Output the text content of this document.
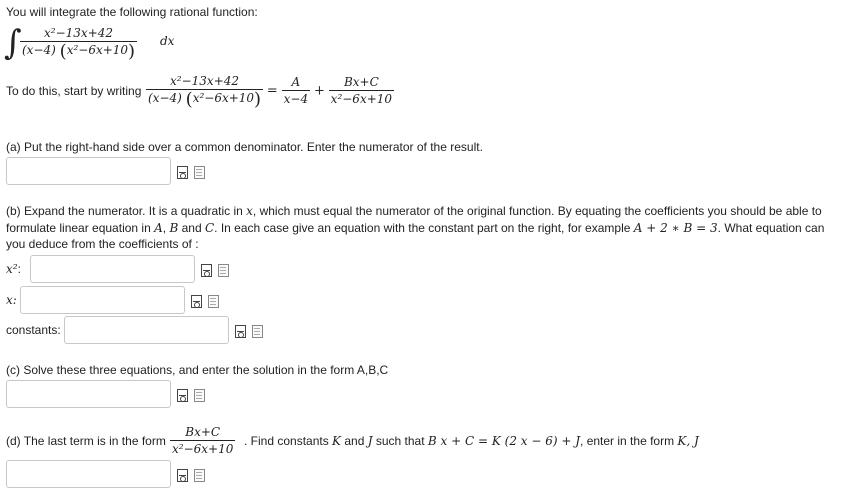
You will integrate the following rational function:
∫
$\frac{\text{x²−13x+42}}{\text{(x−4) (x²−6x+10)}}$ dx
To do this, start by writing $\frac{\text{x²−13x+42}}{\text{(x−4) (x²−6x+10)}} = \frac{A}{x-4} + \frac{Bx+C}{\text{x²−6x+10}}$
(a) Put the right-hand side over a common denominator. Enter the numerator of the result.
(b) Expand the numerator. It is a quadratic in x, which must equal the numerator of the original function. By equating the coefficients you should be able to formulate linear equation in A, B and C. In each case give an equation with the constant part on the right, for example A + 2 ∗ B = 3. What equation can you deduce from the coefficients of :
x²:
x:
constants:
(c) Solve these three equations, and enter the solution in the form A,B,C
(d) The last term is in the form $\frac{Bx+C}{\text{x²−6x+10}}$ . Find constants K and J such that B x + C = K (2 x − 6) + J, enter in the form K, J
